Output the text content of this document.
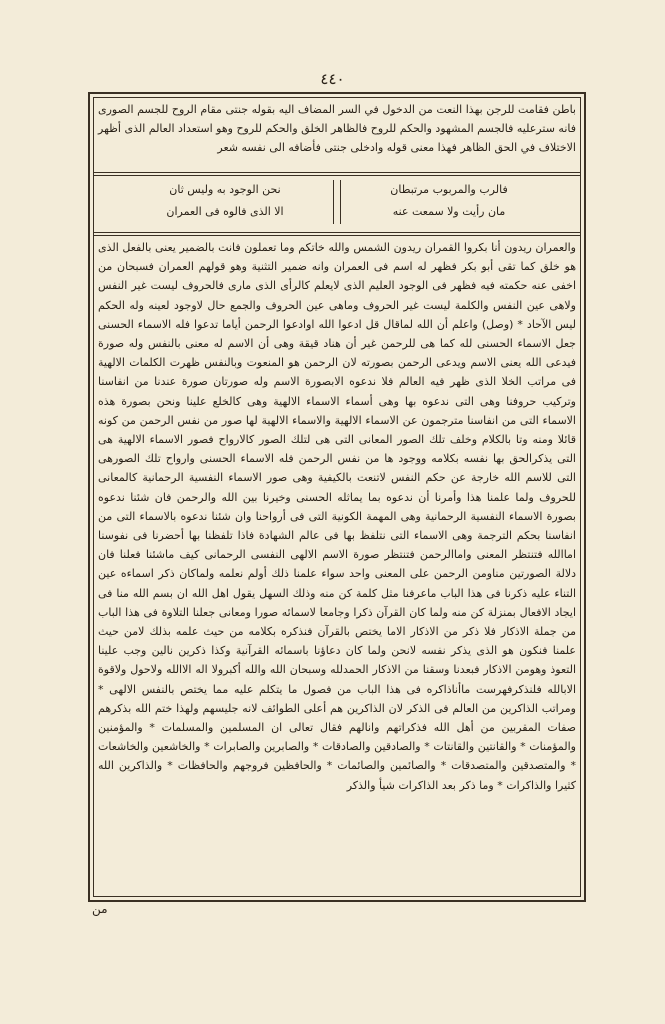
٤٤٠

باطن فقامت للرجن بهذا النعت من الدخول في السر المضاف اليه بقوله جنتى مقام الروح للجسم الصورى فانه سترعليه فالجسم المشهود والحكم للروح فالظاهر الخلق والحكم للروح وهو استعداد العالم الذى أظهر الاختلاف في الحق الظاهر فهذا معنى قوله وادخلى جنتى فأضافه الى نفسه شعر

فالرب والمربوب مرتبطان
نحن الوجود به وليس ثان
مان رأيت ولا سمعت عنه
الا الذى فالوه فى العمران

والعمران ريدون أنا بكروا القمران ريدون الشمس والله خاتكم وما تعملون فانت بالضمير يعنى بالفعل الذى هو خلق كما تقى أبو بكر فظهر له اسم فى العمران وانه ضمير التثنية وهو قولهم العمران فسبحان من اخفى عنه حكمته فيه فظهر فى الوجود العليم الذى لايعلم كالرأى الذى مارى فالحروف ليست غير النفس ولاهى عين النفس والكلمة ليست غير الحروف وماهى عين الحروف والجمع حال لاوجود لعينه وله الحكم ليس الآحاد * (وصل) واعلم أن الله لماقال قل ادعوا الله اوادعوا الرحمن أياما تدعوا فله الاسماء الحسنى جعل الاسماء الحسنى لله كما هى للرحمن غير أن هناد قيقة وهى أن الاسم له معنى بالنفس وله صورة فيدعى الله يعنى الاسم ويدعى الرحمن بصورته لان الرحمن هو المنعوت وبالنفس ظهرت الكلمات الالهية فى مراتب الخلا الذى ظهر فيه العالم فلا ندعوه الابصورة الاسم وله صورتان صورة عندنا من انفاسنا وتركيب حروفنا وهى التى ندعوه بها وهى أسماء الاسماء الالهية وهى كالخلع علينا ونحن بصورة هذه الاسماء التى من انفاسنا مترجمون عن الاسماء الالهية والاسماء الالهية لها صور من نفس الرحمن من كونه قائلا ومنه وتا بالكلام وخلف تلك الصور المعانى التى هى لتلك الصور كالارواح فصور الاسماء الالهية هى التى يذكرالحق بها نفسه بكلامه ووجود ها من نفس الرحمن فله الاسماء الحسنى وارواح تلك الصورهى التى للاسم الله خارجة عن حكم النفس لاتنعت بالكيفية وهى صور الاسماء النفسية الرحمانية كالمعانى للحروف ولما علمنا هذا وأمرنا أن ندعوه بما يماثله الحسنى وخيرنا بين الله والرحمن فان شئنا ندعوه بصورة الاسماء النفسية الرحمانية وهى المهمة الكونية التى فى أرواحنا وان شئنا ندعوه بالاسماء التى من انفاسنا بحكم الترجمة وهى الاسماء التى نتلفظ بها فى عالم الشهادة فاذا تلفظنا بها أحضرنا فى نفوسنا اماالله فتنتظر المعنى واماالرحمن فتنتظر صورة الاسم الالهى النفسى الرحمانى كيف ماشئنا فعلنا فان دلالة الصورتين مناومن الرحمن على المعنى واحد سواء علمنا ذلك أولم نعلمه ولماكان ذكر اسماءه عين التناء عليه ذكرنا فى هذا الباب ماعرفنا مثل كلمة كن منه وذلك السهل يقول اهل الله ان بسم الله منا فى ايجاد الافعال بمنزلة كن منه ولما كان القرآن ذكرا وجامعا لاسمائه صورا ومعانى جعلنا التلاوة فى هذا الباب من جملة الاذكار فلا ذكر من الاذكار الاما يختص بالقرآن فنذكره بكلامه من حيث علمه بذلك لامن حيث علمنا فنكون هو الذى يذكر نفسه لانحن ولما كان دعاؤنا باسمائه القرآنية وكذا ذكرين نالين وجب علينا التعوذ وهومن الاذكار فبعدنا وسقنا من الاذكار الحمدلله وسبحان الله والله أكبرولا اله الاالله ولاحول ولاقوة الابالله فلنذكرفهرست ماأناذاكره فى هذا الباب من فصول ما يتكلم عليه مما يختص بالنفس الالهى * ومراتب الذاكرين من العالم فى الذكر لان الذاكرين هم أعلى الطوائف لانه جليسهم ولهذا ختم الله بذكرهم صفات المقربين من أهل الله فذكراتهم وانالهم فقال تعالى ان المسلمين والمسلمات * والمؤمنين والمؤمنات * والقانتين والقانتات * والصادقين والصادقات * والصابرين والصابرات * والخاشعين والخاشعات * والمتصدقين والمتصدقات * والصائمين والصائمات * والحافظين فروجهم والحافظات * والذاكرين الله كثيرا والذاكرات * وما ذكر بعد الذاكرات شيأ والذكر

من
